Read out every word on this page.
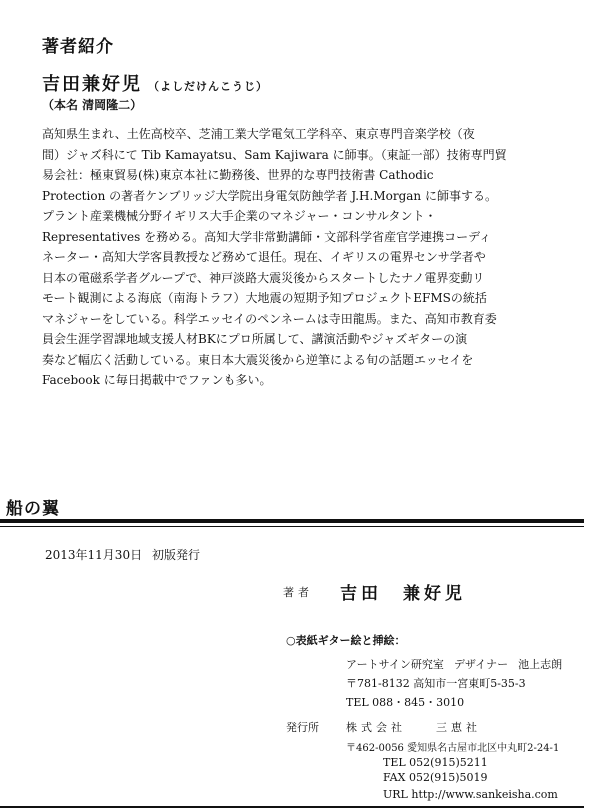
著者紹介
吉田兼好児 （よしだけんこうじ）
（本名 清岡隆二）
高知県生まれ、土佐高校卒、芝浦工業大学電気工学科卒、東京専門音楽学校（夜
間）ジャズ科にて Tib Kamayatsu、Sam Kajiwara に師事。（東証一部）技術専門貿
易会社：極東貿易(株)東京本社に勤務後、世界的な専門技術書 Cathodic
Protection の著者ケンブリッジ大学院出身電気防蝕学者 J.H.Morgan に師事する。
プラント産業機械分野イギリス大手企業のマネジャー・コンサルタント・
Representatives を務める。高知大学非常勤講師・文部科学省産官学連携コーディ
ネーター・高知大学客員教授など務めて退任。現在、イギリスの電界センサ学者や
日本の電磁系学者グループで、神戸淡路大震災後からスタートしたナノ電界変動リ
モート観測による海底（南海トラフ）大地震の短期予知プロジェクトEFMSの統括
マネジャーをしている。科学エッセイのペンネームは寺田龍馬。また、高知市教育委
員会生涯学習課地域支援人材BKにプロ所属して、講演活動やジャズギターの演
奏など幅広く活動している。東日本大震災後から逆筆による旬の話題エッセイを
Facebook に毎日掲載中でファンも多い。
船の翼
2013年11月30日 初版発行
著者 吉田　兼好児
○表紙ギター絵と挿絵：
アートサイン研究室 デザイナー 池上志朗
〒781-8132 高知市一宮東町5-35-3
TEL 088・845・3010
発行所 株式会社	三恵社
〒462-0056 愛知県名古屋市北区中丸町2-24-1
TEL 052(915)5211
FAX 052(915)5019
URL http://www.sankeisha.com
